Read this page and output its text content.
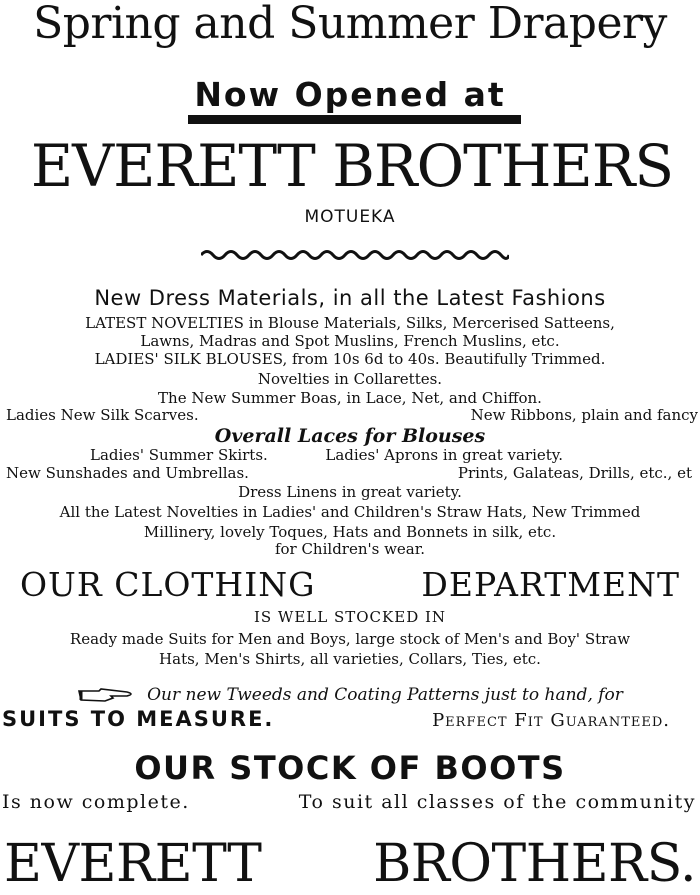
Spring and Summer Drapery
Now Opened at
EVERETT BROTHERS
MOTUEKA
New Dress Materials, in all the Latest Fashions
LATEST NOVELTIES in Blouse Materials, Silks, Mercerised Satteens,
Lawns, Madras and Spot Muslins, French Muslins, etc.
LADIES' SILK BLOUSES, from 10s 6d to 40s. Beautifully Trimmed.
Novelties in Collarettes.
The New Summer Boas, in Lace, Net, and Chiffon.
Ladies New Silk Scarves.	New Ribbons, plain and fancy
Overall Laces for Blouses
Ladies' Summer Skirts.	Ladies' Aprons in great variety.
New Sunshades and Umbrellas.	Prints, Galateas, Drills, etc., et
Dress Linens in great variety.
All the Latest Novelties in Ladies' and Children's Straw Hats, New Trimmed
Millinery, lovely Toques, Hats and Bonnets in silk, etc.
for Children's wear.
OUR CLOTHING	DEPARTMENT
IS WELL STOCKED IN
Ready made Suits for Men and Boys, large stock of Men's and Boy' Straw
Hats, Men's Shirts, all varieties, Collars, Ties, etc.
Our new Tweeds and Coating Patterns just to hand, for
SUITS TO MEASURE.	Perfect Fit Guaranteed.
OUR STOCK OF BOOTS
Is now complete.	To suit all classes of the community
EVERETT BROTHERS.
